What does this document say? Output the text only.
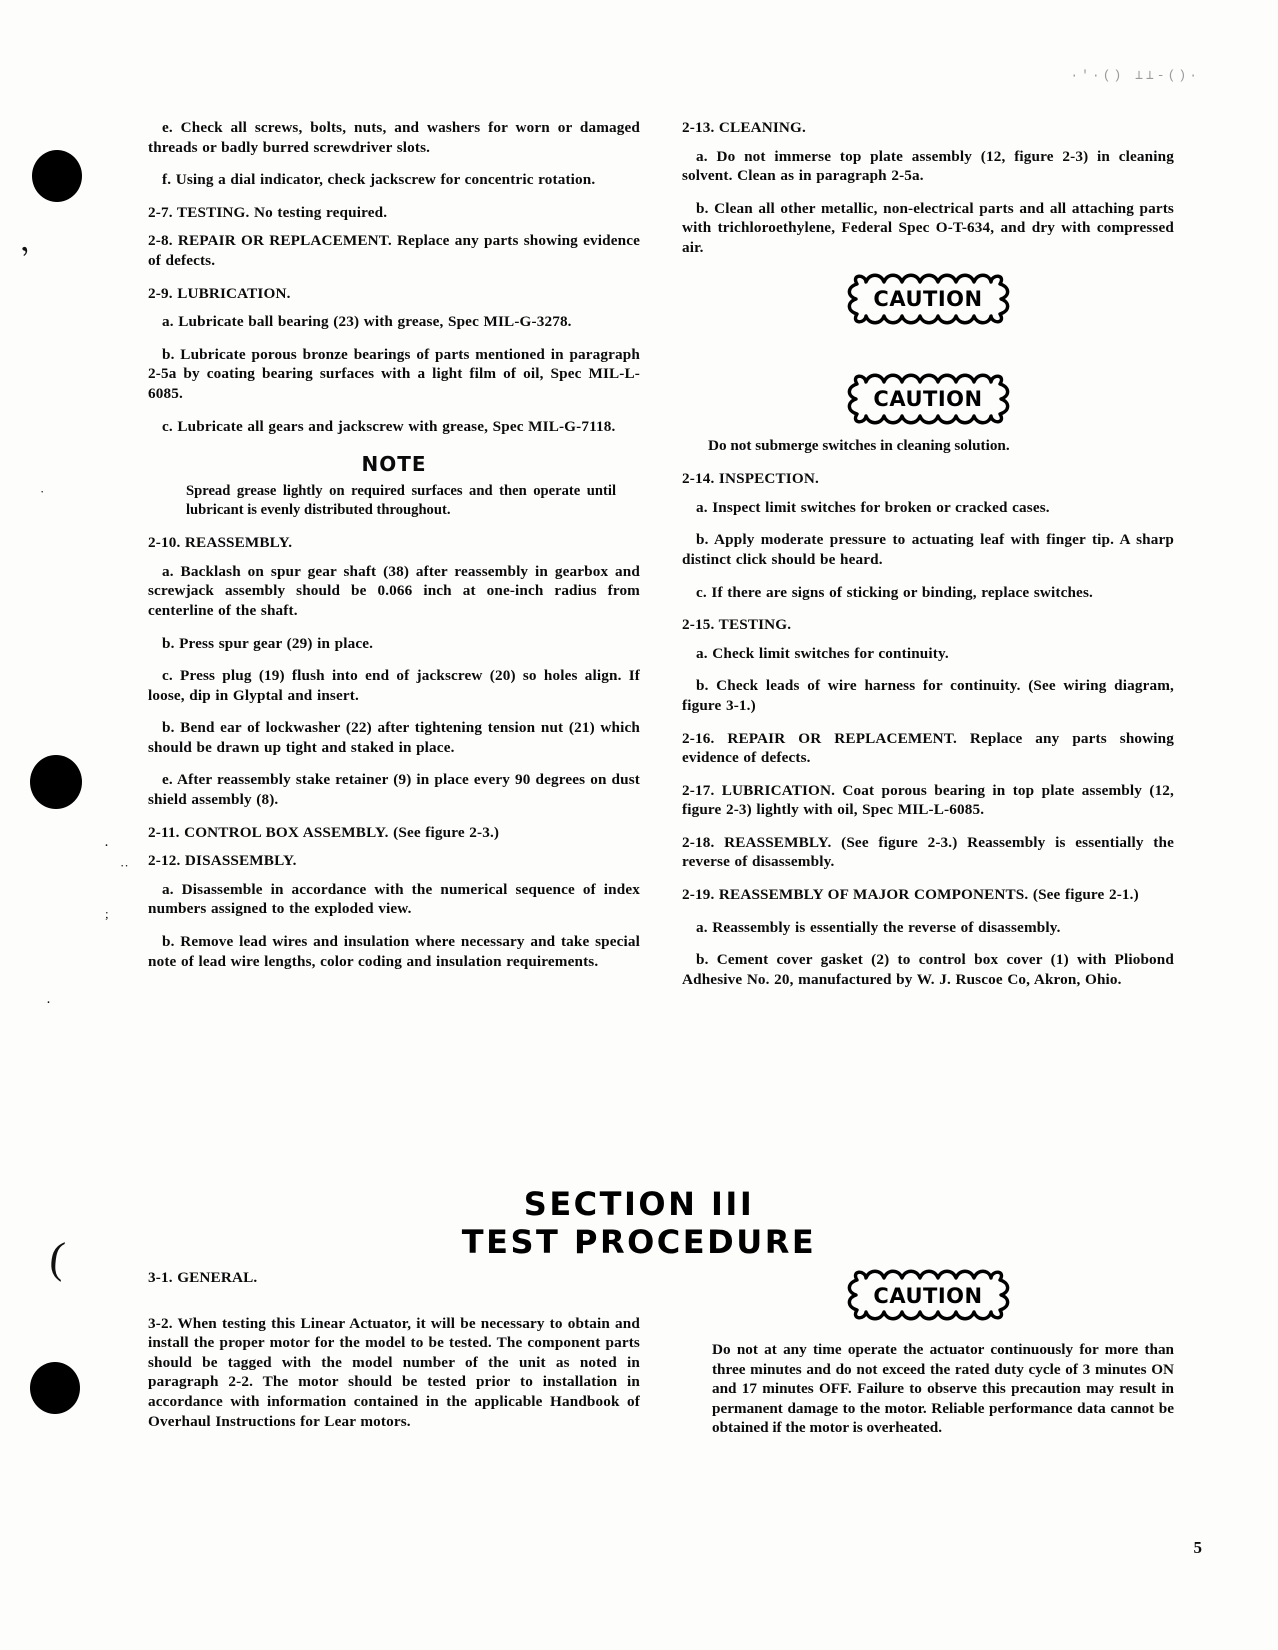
·'·() ⊥⊥-()·
’
(
·
··
·
·
;

e. Check all screws, bolts, nuts, and washers for worn or damaged threads or badly burred screwdriver slots.

f. Using a dial indicator, check jackscrew for concentric rotation.

2-7. TESTING. No testing required.

2-8. REPAIR OR REPLACEMENT. Replace any parts showing evidence of defects.

2-9. LUBRICATION.

a. Lubricate ball bearing (23) with grease, Spec MIL-G-3278.

b. Lubricate porous bronze bearings of parts mentioned in paragraph 2-5a by coating bearing surfaces with a light film of oil, Spec MIL-L-6085.

c. Lubricate all gears and jackscrew with grease, Spec MIL-G-7118.

NOTE

Spread grease lightly on required surfaces and then operate until lubricant is evenly distributed throughout.

2-10. REASSEMBLY.

a. Backlash on spur gear shaft (38) after reassembly in gearbox and screwjack assembly should be 0.066 inch at one-inch radius from centerline of the shaft.

b. Press spur gear (29) in place.

c. Press plug (19) flush into end of jackscrew (20) so holes align. If loose, dip in Glyptal and insert.

b. Bend ear of lockwasher (22) after tightening tension nut (21) which should be drawn up tight and staked in place.

e. After reassembly stake retainer (9) in place every 90 degrees on dust shield assembly (8).

2-11. CONTROL BOX ASSEMBLY. (See figure 2-3.)

2-12. DISASSEMBLY.

a. Disassemble in accordance with the numerical sequence of index numbers assigned to the exploded view.

b. Remove lead wires and insulation where necessary and take special note of lead wire lengths, color coding and insulation requirements.

2-13. CLEANING.

a. Do not immerse top plate assembly (12, figure 2-3) in cleaning solvent. Clean as in paragraph 2-5a.

b. Clean all other metallic, non-electrical parts and all attaching parts with trichloroethylene, Federal Spec O-T-634, and dry with compressed air.

CAUTION
CAUTION

Do not submerge switches in cleaning solution.

2-14. INSPECTION.

a. Inspect limit switches for broken or cracked cases.

b. Apply moderate pressure to actuating leaf with finger tip. A sharp distinct click should be heard.

c. If there are signs of sticking or binding, replace switches.

2-15. TESTING.

a. Check limit switches for continuity.

b. Check leads of wire harness for continuity. (See wiring diagram, figure 3-1.)

2-16. REPAIR OR REPLACEMENT. Replace any parts showing evidence of defects.

2-17. LUBRICATION. Coat porous bearing in top plate assembly (12, figure 2-3) lightly with oil, Spec MIL-L-6085.

2-18. REASSEMBLY. (See figure 2-3.) Reassembly is essentially the reverse of disassembly.

2-19. REASSEMBLY OF MAJOR COMPONENTS. (See figure 2-1.)

a. Reassembly is essentially the reverse of disassembly.

b. Cement cover gasket (2) to control box cover (1) with Pliobond Adhesive No. 20, manufactured by W. J. Ruscoe Co, Akron, Ohio.

SECTION III
TEST PROCEDURE

3-1. GENERAL.

3-2. When testing this Linear Actuator, it will be necessary to obtain and install the proper motor for the model to be tested. The component parts should be tagged with the model number of the unit as noted in paragraph 2-2. The motor should be tested prior to installation in accordance with information contained in the applicable Handbook of Overhaul Instructions for Lear motors.

CAUTION

Do not at any time operate the actuator continuously for more than three minutes and do not exceed the rated duty cycle of 3 minutes ON and 17 minutes OFF. Failure to observe this precaution may result in permanent damage to the motor. Reliable performance data cannot be obtained if the motor is overheated.

5
